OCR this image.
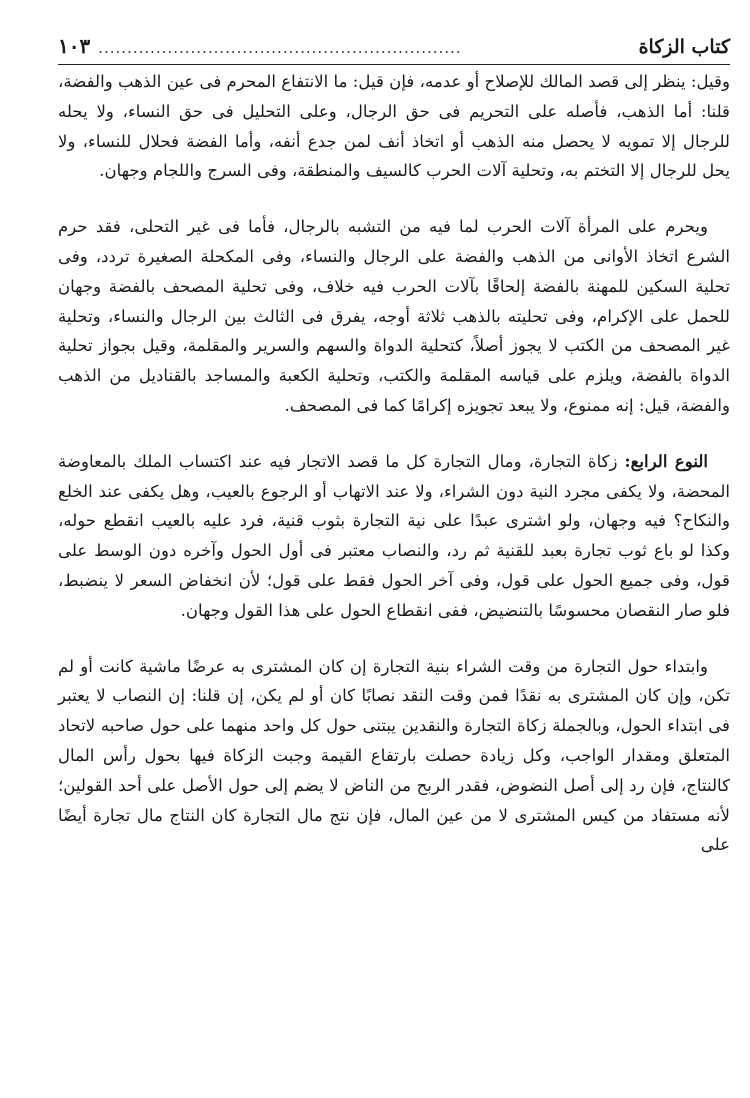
كتاب الزكاة
...............................................................
١٠٣

وقيل: ينظر إلى قصد المالك للإصلاح أو عدمه، فإن قيل: ما الانتفاع المحرم فى عين الذهب والفضة، قلنا: أما الذهب، فأصله على التحريم فى حق الرجال، وعلى التحليل فى حق النساء، ولا يحله للرجال إلا تمويه لا يحصل منه الذهب أو اتخاذ أنف لمن جدع أنفه، وأما الفضة فحلال للنساء، ولا يحل للرجال إلا التختم به، وتحلية آلات الحرب كالسيف والمنطقة، وفى السرج واللجام وجهان.

ويحرم على المرأة آلات الحرب لما فيه من التشبه بالرجال، فأما فى غير التحلى، فقد حرم الشرع اتخاذ الأوانى من الذهب والفضة على الرجال والنساء، وفى المكحلة الصغيرة تردد، وفى تحلية السكين للمهنة بالفضة إلحاقًا بآلات الحرب فيه خلاف، وفى تحلية المصحف بالفضة وجهان للحمل على الإكرام، وفى تحليته بالذهب ثلاثة أوجه، يفرق فى الثالث بين الرجال والنساء، وتحلية غير المصحف من الكتب لا يجوز أصلاً، كتحلية الدواة والسهم والسرير والمقلمة، وقيل بجواز تحلية الدواة بالفضة، ويلزم على قياسه المقلمة والكتب، وتحلية الكعبة والمساجد بالقناديل من الذهب والفضة، قيل: إنه ممنوع، ولا يبعد تجويزه إكرامًا كما فى المصحف.

النوع الرابع: زكاة التجارة، ومال التجارة كل ما قصد الاتجار فيه عند اكتساب الملك بالمعاوضة المحضة، ولا يكفى مجرد النية دون الشراء، ولا عند الاتهاب أو الرجوع بالعيب، وهل يكفى عند الخلع والنكاح؟ فيه وجهان، ولو اشترى عبدًا على نية التجارة بثوب قنية، فرد عليه بالعيب انقطع حوله، وكذا لو باع ثوب تجارة بعبد للقنية ثم رد، والنصاب معتبر فى أول الحول وآخره دون الوسط على قول، وفى جميع الحول على قول، وفى آخر الحول فقط على قول؛ لأن انخفاض السعر لا ينضبط، فلو صار النقصان محسوسًا بالتنضيض، ففى انقطاع الحول على هذا القول وجهان.

وابتداء حول التجارة من وقت الشراء بنية التجارة إن كان المشترى به عرضًا ماشية كانت أو لم تكن، وإن كان المشترى به نقدًا فمن وقت النقد نصابًا كان أو لم يكن، إن قلنا: إن النصاب لا يعتبر فى ابتداء الحول، وبالجملة زكاة التجارة والنقدين يبتنى حول كل واحد منهما على حول صاحبه لاتحاد المتعلق ومقدار الواجب، وكل زيادة حصلت بارتفاع القيمة وجبت الزكاة فيها بحول رأس المال كالنتاج، فإن رد إلى أصل النضوض، فقدر الربح من الناض لا يضم إلى حول الأصل على أحد القولين؛ لأنه مستفاد من كيس المشترى لا من عين المال، فإن نتج مال التجارة كان النتاج مال تجارة أيضًا على
